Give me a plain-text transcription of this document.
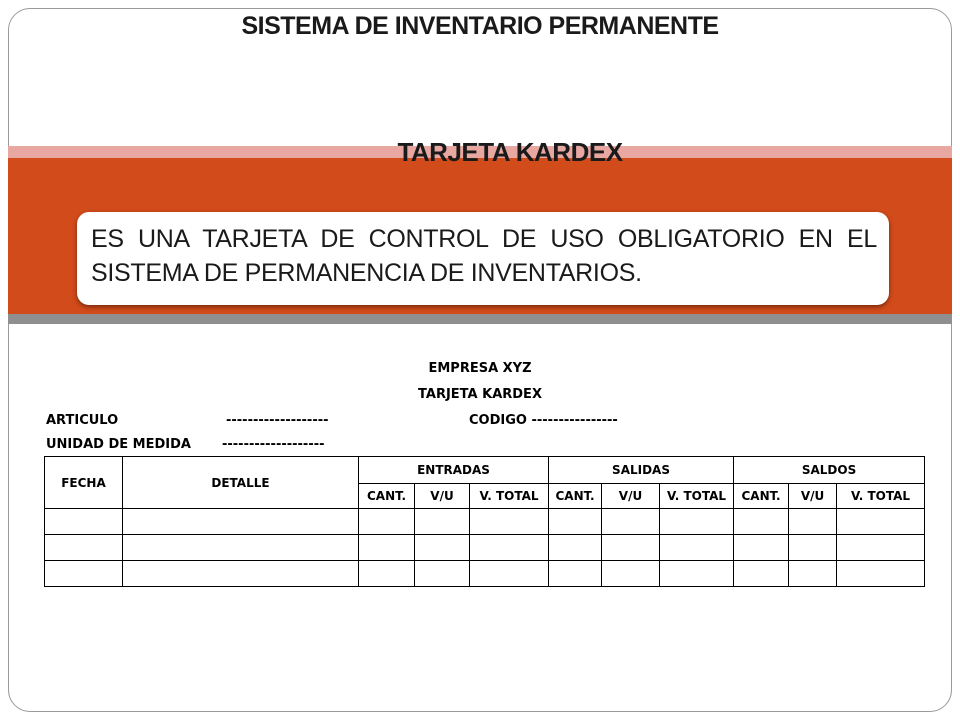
SISTEMA DE INVENTARIO PERMANENTE
TARJETA KARDEX
ES UNA TARJETA DE CONTROL DE USO OBLIGATORIO EN EL SISTEMA DE PERMANENCIA DE INVENTARIOS.
EMPRESA XYZ
TARJETA KARDEX
ARTICULO	-------------------	CODIGO ----------------
UNIDAD DE MEDIDA -------------------
FECHA	DETALLE	ENTRADAS			SALIDAS			SALDOS		
		CANT.	V/U	V. TOTAL	CANT.	V/U	V. TOTAL	CANT.	V/U	V. TOTAL
